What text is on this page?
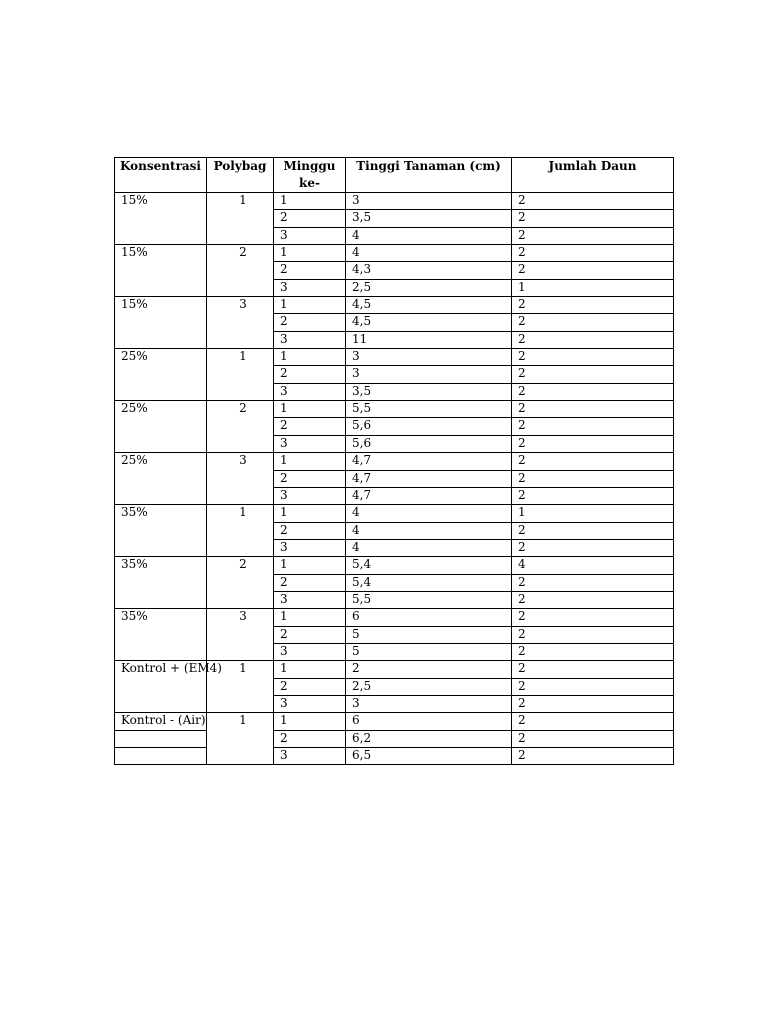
Konsentrasi	Polybag	Minggu ke-	Tinggi Tanaman (cm)	Jumlah Daun
15%	1	1	3	2
		2	3,5	2
		3	4	2
15%	2	1	4	2
		2	4,3	2
		3	2,5	1
15%	3	1	4,5	2
		2	4,5	2
		3	11	2
25%	1	1	3	2
		2	3	2
		3	3,5	2
25%	2	1	5,5	2
		2	5,6	2
		3	5,6	2
25%	3	1	4,7	2
		2	4,7	2
		3	4,7	2
35%	1	1	4	1
		2	4	2
		3	4	2
35%	2	1	5,4	4
		2	5,4	2
		3	5,5	2
35%	3	1	6	2
		2	5	2
		3	5	2
Kontrol + (EM4)	1	1	2	2
		2	2,5	2
		3	3	2
Kontrol - (Air)	1	1	6	2
		2	6,2	2
		3	6,5	2
